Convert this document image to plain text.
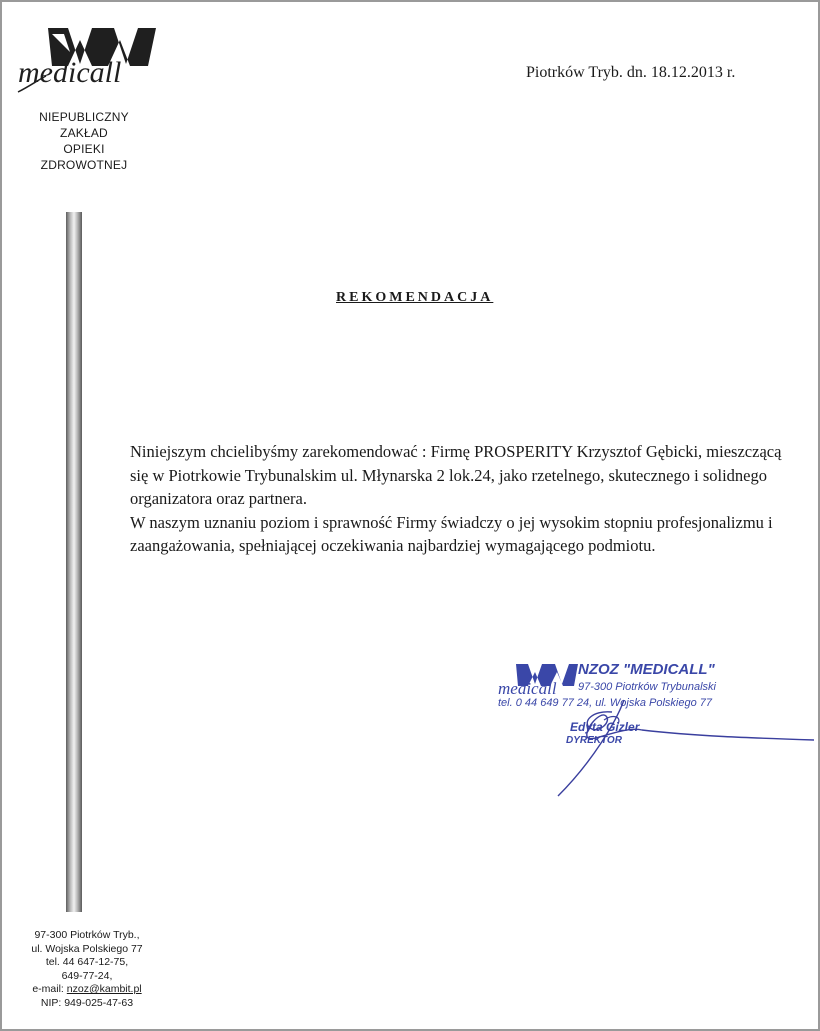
medicall
NIEPUBLICZNY
ZAKŁAD
OPIEKI
ZDROWOTNEJ
Piotrków Tryb. dn. 18.12.2013 r.
REKOMENDACJA

Niniejszym chcielibyśmy zarekomendować : Firmę PROSPERITY Krzysztof Gębicki, mieszczącą się w Piotrkowie Trybunalskim ul. Młynarska 2 lok.24, jako rzetelnego, skutecznego i solidnego organizatora oraz partnera.

W naszym uznaniu poziom i sprawność Firmy świadczy o jej wysokim stopniu profesjonalizmu i zaangażowania, spełniającej oczekiwania najbardziej wymagającego podmiotu.

medicall
NZOZ "MEDICALL"
97-300 Piotrków Trybunalski
tel. 0 44 649 77 24, ul. Wojska Polskiego 77
Edyta Gizler
DYREKTOR
97-300 Piotrków Tryb.,
ul. Wojska Polskiego 77
tel. 44 647-12-75,
649-77-24,
e-mail: nzoz@kambit.pl
NIP: 949-025-47-63
